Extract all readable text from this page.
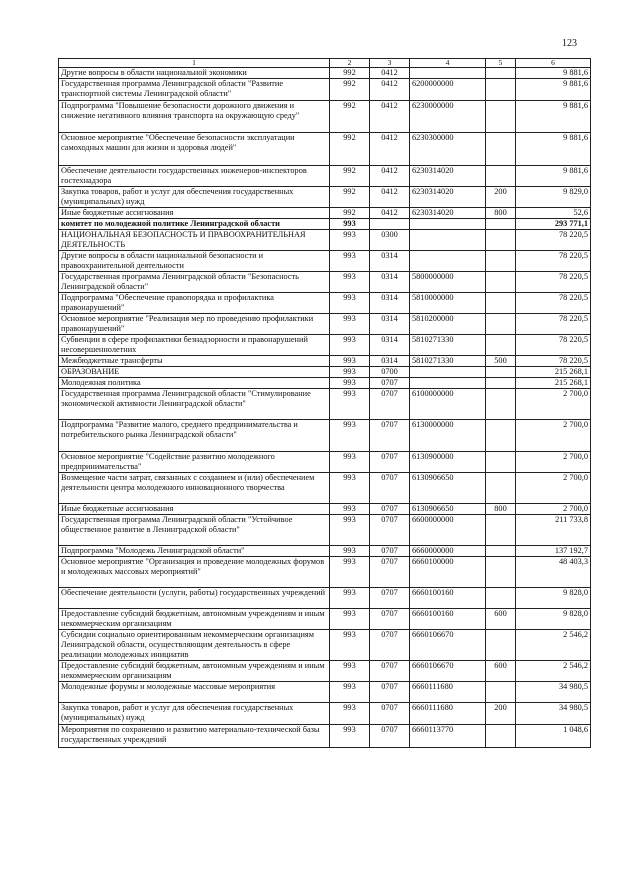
123
1	2	3	4	5	6
Другие вопросы в области национальной экономики	992	0412			9 881,6
Государственная программа Ленинградской области "Развитие транспортной системы Ленинградской области"	992	0412	6200000000		9 881,6
Подпрограмма "Повышение безопасности дорожного движения и снижение негативного влияния транспорта на окружающую среду"	992	0412	6230000000		9 881,6
Основное мероприятие "Обеспечение безопасности эксплуатации самоходных машин для жизни и здоровья людей"	992	0412	6230300000		9 881,6
Обеспечение деятельности государственных инженеров-инспекторов гостехнадзора	992	0412	6230314020		9 881,6
Закупка товаров, работ и услуг для обеспечения государственных (муниципальных) нужд	992	0412	6230314020	200	9 829,0
Иные бюджетные ассигнования	992	0412	6230314020	800	52,6
комитет по молодежной политике Ленинградской области	993				293 771,1
НАЦИОНАЛЬНАЯ БЕЗОПАСНОСТЬ И ПРАВООХРАНИТЕЛЬНАЯ ДЕЯТЕЛЬНОСТЬ	993	0300			78 220,5
Другие вопросы в области национальной безопасности и правоохранительной деятельности	993	0314			78 220,5
Государственная программа Ленинградской области "Безопасность Ленинградской области"	993	0314	5800000000		78 220,5
Подпрограмма "Обеспечение правопорядка и профилактика правонарушений"	993	0314	5810000000		78 220,5
Основное мероприятие "Реализация мер по проведению профилактики правонарушений"	993	0314	5810200000		78 220,5
Субвенции в сфере профилактики безнадзорности и правонарушений несовершеннолетних	993	0314	5810271330		78 220,5
Межбюджетные трансферты	993	0314	5810271330	500	78 220,5
ОБРАЗОВАНИЕ	993	0700			215 268,1
Молодежная политика	993	0707			215 268,1
Государственная программа Ленинградской области "Стимулирование экономической активности Ленинградской области"	993	0707	6100000000		2 700,0
Подпрограмма "Развитие малого, среднего предпринимательства и потребительского рынка Ленинградской области"	993	0707	6130000000		2 700,0
Основное мероприятие "Содействие развитию молодежного предпринимательства"	993	0707	6130900000		2 700,0
Возмещение части затрат, связанных с созданием и (или) обеспечением деятельности центра молодежного инновационного творчества	993	0707	6130906650		2 700,0
Иные бюджетные ассигнования	993	0707	6130906650	800	2 700,0
Государственная программа Ленинградской области "Устойчивое общественное развитие в Ленинградской области"	993	0707	6600000000		211 733,8
Подпрограмма "Молодежь Ленинградской области"	993	0707	6660000000		137 192,7
Основное мероприятие "Организация и проведение молодежных форумов и молодежных массовых мероприятий"	993	0707	6660100000		48 403,3
Обеспечение деятельности (услуги, работы) государственных учреждений	993	0707	6660100160		9 828,0
Предоставление субсидий бюджетным, автономным учреждениям и иным некоммерческим организациям	993	0707	6660100160	600	9 828,0
Субсидии социально ориентированным некоммерческим организациям Ленинградской области, осуществляющим деятельность в сфере реализации молодежных инициатив	993	0707	6660106670		2 546,2
Предоставление субсидий бюджетным, автономным учреждениям и иным некоммерческим организациям	993	0707	6660106670	600	2 546,2
Молодежные форумы и молодежные массовые мероприятия	993	0707	6660111680		34 980,5
Закупка товаров, работ и услуг для обеспечения государственных (муниципальных) нужд	993	0707	6660111680	200	34 980,5
Мероприятия по сохранению и развитию материально-технической базы государственных учреждений	993	0707	6660113770		1 048,6
